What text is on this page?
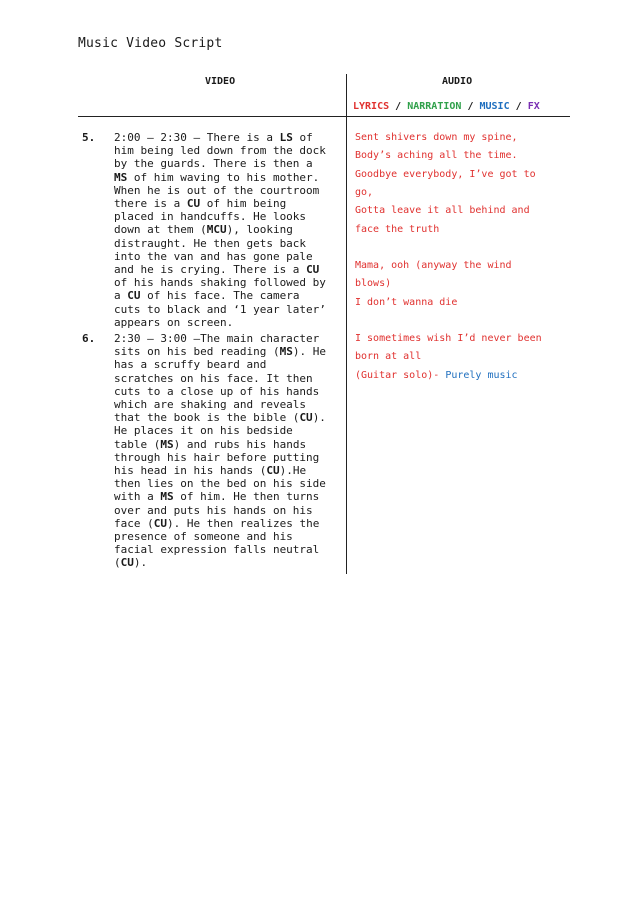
Music Video Script
VIDEO	AUDIO
LYRICS / NARRATION / MUSIC / FX
5. 2:00 – 2:30 – There is a LS of
him being led down from the dock
by the guards. There is then a
MS of him waving to his mother.
When he is out of the courtroom
there is a CU of him being
placed in handcuffs. He looks
down at them (MCU), looking
distraught. He then gets back
into the van and has gone pale
and he is crying. There is a CU
of his hands shaking followed by
a CU of his face. The camera
cuts to black and ‘1 year later’
appears on screen.
Sent shivers down my spine,
Body’s aching all the time.
Goodbye everybody, I’ve got to
go,
Gotta leave it all behind and
face the truth
Mama, ooh (anyway the wind
blows)
I don’t wanna die
6. 2:30 – 3:00 –The main character
sits on his bed reading (MS). He
has a scruffy beard and
scratches on his face. It then
cuts to a close up of his hands
which are shaking and reveals
that the book is the bible (CU).
He places it on his bedside
table (MS) and rubs his hands
through his hair before putting
his head in his hands (CU).He
then lies on the bed on his side
with a MS of him. He then turns
over and puts his hands on his
face (CU). He then realizes the
presence of someone and his
facial expression falls neutral
(CU).
I sometimes wish I’d never been
born at all
(Guitar solo)- Purely music
